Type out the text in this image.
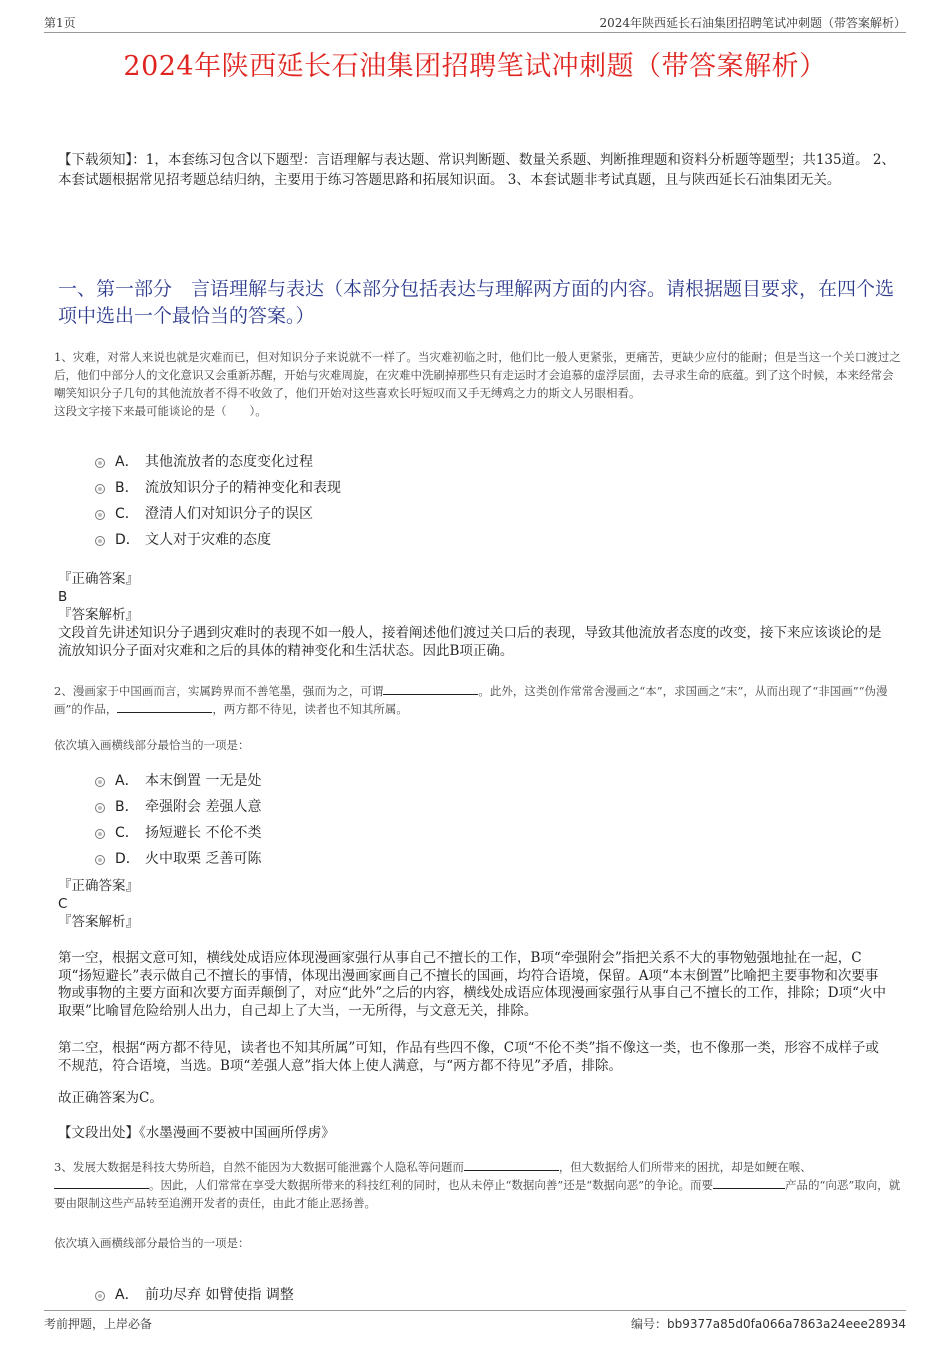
第1页	2024年陕西延长石油集团招聘笔试冲刺题（带答案解析）
2024年陕西延长石油集团招聘笔试冲刺题（带答案解析）
【下载须知】：1，本套练习包含以下题型：言语理解与表达题、常识判断题、数量关系题、判断推理题和资料分析题等题型；共135道。 2、本套试题根据常见招考题总结归纳，主要用于练习答题思路和拓展知识面。 3、本套试题非考试真题，且与陕西延长石油集团无关。
一、第一部分　言语理解与表达（本部分包括表达与理解两方面的内容。请根据题目要求，在四个选项中选出一个最恰当的答案。）
1、灾难，对常人来说也就是灾难而已，但对知识分子来说就不一样了。当灾难初临之时，他们比一般人更紧张，更痛苦，更缺少应付的能耐；但是当这一个关口渡过之后，他们中部分人的文化意识又会重新苏醒，开始与灾难周旋，在灾难中洗刷掉那些只有走运时才会追慕的虚浮层面，去寻求生命的底蕴。到了这个时候，本来经常会嘲笑知识分子几句的其他流放者不得不收敛了，他们开始对这些喜欢长吁短叹而又手无缚鸡之力的斯文人另眼相看。
这段文字接下来最可能谈论的是（　　）。
A． 其他流放者的态度变化过程
B． 流放知识分子的精神变化和表现
C． 澄清人们对知识分子的误区
D． 文人对于灾难的态度
『正确答案』
B
『答案解析』
文段首先讲述知识分子遇到灾难时的表现不如一般人，接着阐述他们渡过关口后的表现，导致其他流放者态度的改变，接下来应该谈论的是流放知识分子面对灾难和之后的具体的精神变化和生活状态。因此B项正确。
2、漫画家于中国画而言，实属跨界而不善笔墨，强而为之，可谓	。此外，这类创作常常舍漫画之“本”，求国画之“末”，从而出现了“非国画”“伪漫画”的作品，	，两方都不待见，读者也不知其所属。
依次填入画横线部分最恰当的一项是：
A． 本末倒置 一无是处
B． 牵强附会 差强人意
C． 扬短避长 不伦不类
D． 火中取栗 乏善可陈
『正确答案』
C
『答案解析』
第一空，根据文意可知，横线处成语应体现漫画家强行从事自己不擅长的工作，B项“牵强附会”指把关系不大的事物勉强地扯在一起，C项“扬短避长”表示做自己不擅长的事情，体现出漫画家画自己不擅长的国画，均符合语境，保留。A项“本末倒置”比喻把主要事物和次要事物或事物的主要方面和次要方面弄颠倒了，对应“此外”之后的内容，横线处成语应体现漫画家强行从事自己不擅长的工作，排除；D项“火中取栗”比喻冒危险给别人出力，自己却上了大当，一无所得，与文意无关，排除。
第二空，根据“两方都不待见，读者也不知其所属”可知，作品有些四不像，C项“不伦不类”指不像这一类，也不像那一类，形容不成样子或不规范，符合语境，当选。B项“差强人意”指大体上使人满意，与“两方都不待见”矛盾，排除。
故正确答案为C。
【文段出处】《水墨漫画不要被中国画所俘虏》
3、发展大数据是科技大势所趋，自然不能因为大数据可能泄露个人隐私等问题而	，但大数据给人们所带来的困扰，却是如鲠在喉、。因此，人们常常在享受大数据所带来的科技红利的同时，也从未停止“数据向善”还是“数据向恶”的争论。而要	产品的“向恶”取向，就要由限制这些产品转至追溯开发者的责任，由此才能止恶扬善。
依次填入画横线部分最恰当的一项是：
A． 前功尽弃 如臂使指 调整
考前押题，上岸必备	编号：bb9377a85d0fa066a7863a24eee28934
